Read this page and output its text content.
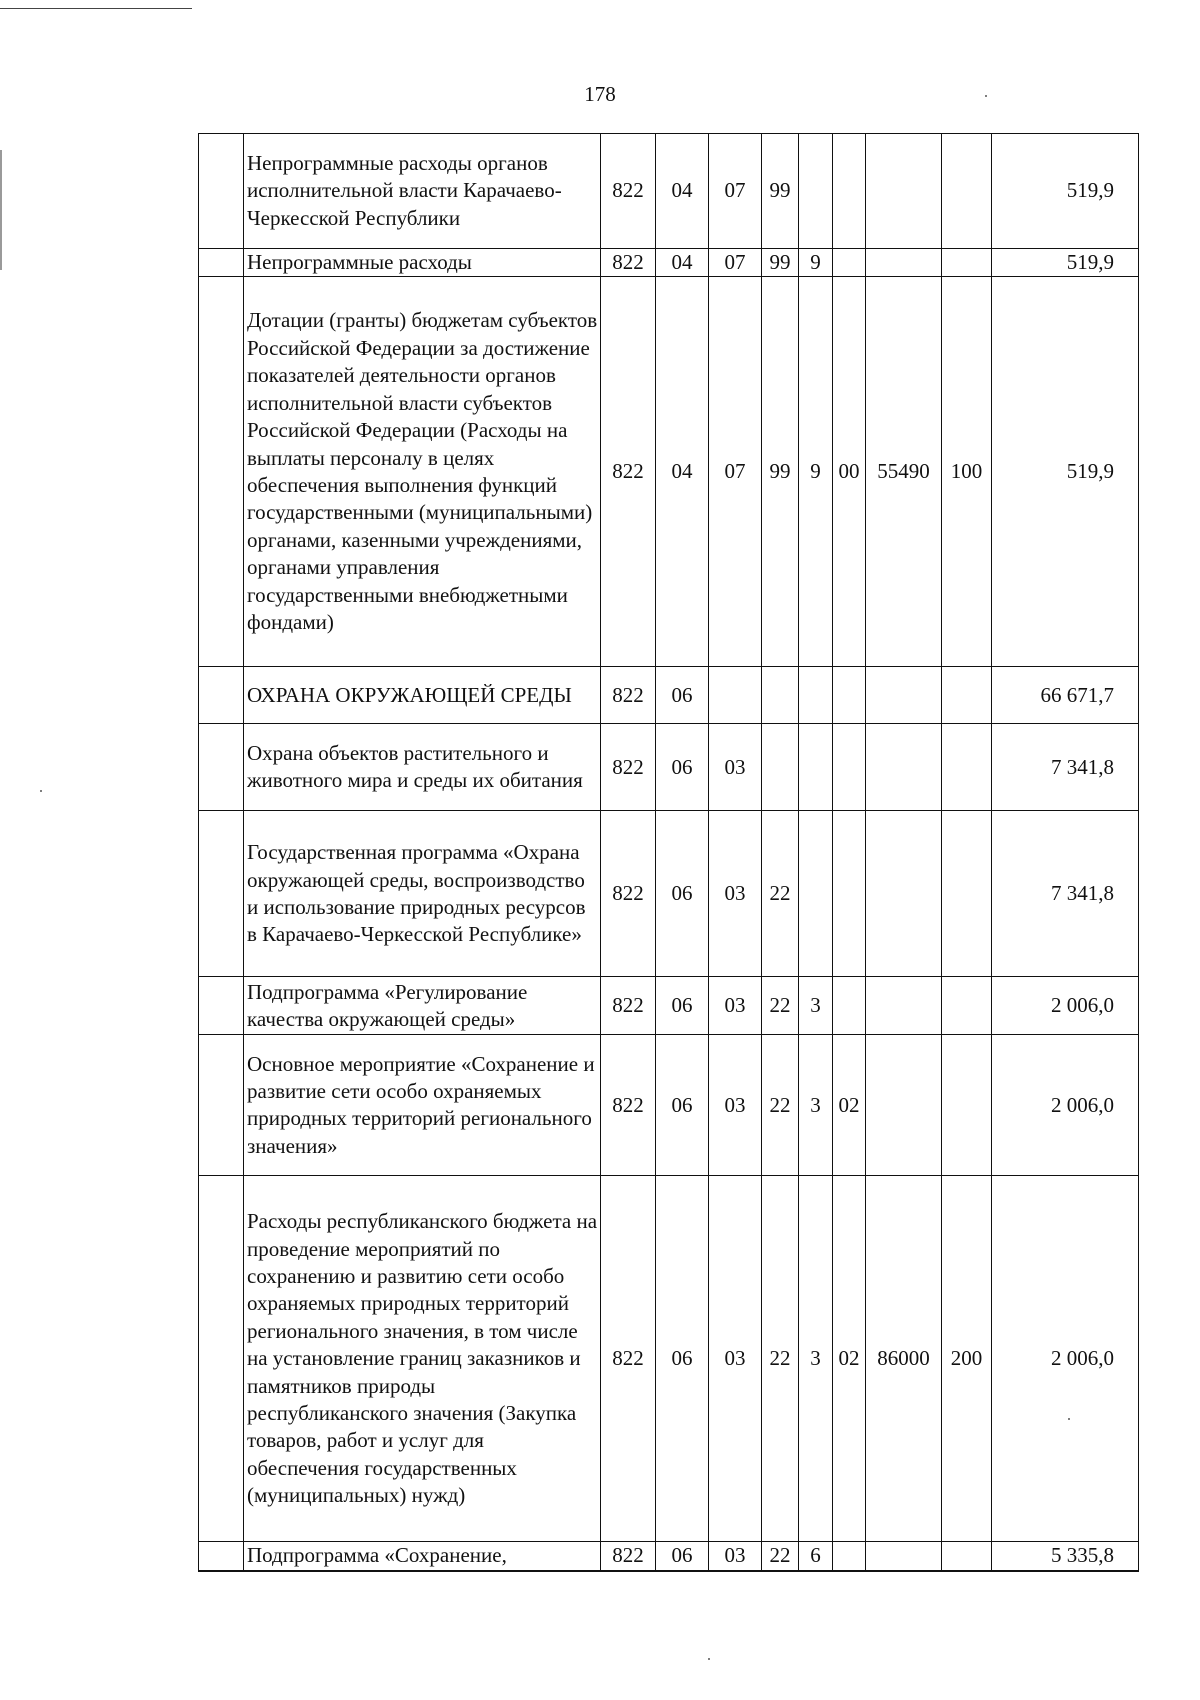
178
	Непрограммные расходы органов исполнительной власти Карачаево-Черкесской Республики	822	04	07	99					519,9
	Непрограммные расходы	822	04	07	99	9				519,9
	Дотации (гранты) бюджетам субъектов Российской Федерации за достижение показателей деятельности органов исполнительной власти субъектов Российской Федерации (Расходы на выплаты персоналу в целях обеспечения выполнения функций государственными (муниципальными) органами, казенными учреждениями, органами управления государственными внебюджетными фондами)	822	04	07	99	9	00	55490	100	519,9
	ОХРАНА ОКРУЖАЮЩЕЙ СРЕДЫ	822	06							66 671,7
	Охрана объектов растительного и животного мира и среды их обитания	822	06	03						7 341,8
	Государственная программа «Охрана окружающей среды, воспроизводство и использование природных ресурсов в Карачаево-Черкесской Республике»	822	06	03	22					7 341,8
	Подпрограмма «Регулирование качества окружающей среды»	822	06	03	22	3				2 006,0
	Основное мероприятие «Сохранение и развитие сети особо охраняемых природных территорий регионального значения»	822	06	03	22	3	02			2 006,0
	Расходы республиканского бюджета на проведение мероприятий по сохранению и развитию сети особо охраняемых природных территорий регионального значения, в том числе на установление границ заказников и памятников природы республиканского значения (Закупка товаров, работ и услуг для обеспечения государственных (муниципальных) нужд)	822	06	03	22	3	02	86000	200	2 006,0
	Подпрограмма «Сохранение,	822	06	03	22	6				5 335,8
